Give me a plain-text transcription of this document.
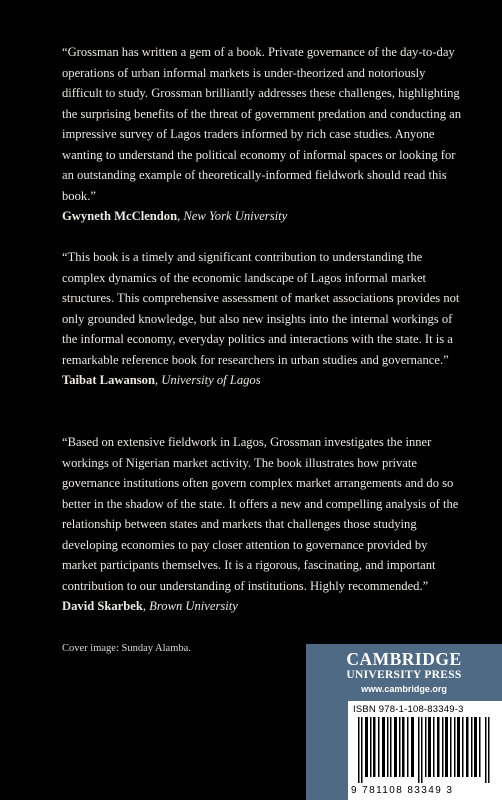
“Grossman has written a gem of a book. Private governance of the day-to-day operations of urban informal markets is under-theorized and notoriously difficult to study. Grossman brilliantly addresses these challenges, highlighting the surprising benefits of the threat of government predation and conducting an impressive survey of Lagos traders informed by rich case studies. Anyone wanting to understand the political economy of informal spaces or looking for an outstanding example of theoretically-informed fieldwork should read this book.”

Gwyneth McClendon, New York University

“This book is a timely and significant contribution to understanding the complex dynamics of the economic landscape of Lagos informal market structures. This comprehensive assessment of market associations provides not only grounded knowledge, but also new insights into the internal workings of the informal economy, everyday politics and interactions with the state. It is a remarkable reference book for researchers in urban studies and governance.”

Taibat Lawanson, University of Lagos

“Based on extensive fieldwork in Lagos, Grossman investigates the inner workings of Nigerian market activity. The book illustrates how private governance institutions often govern complex market arrangements and do so better in the shadow of the state. It offers a new and compelling analysis of the relationship between states and markets that challenges those studying developing economies to pay closer attention to governance provided by market participants themselves. It is a rigorous, fascinating, and important contribution to our understanding of institutions. Highly recommended.”

David Skarbek, Brown University

Cover image: Sunday Alamba.
CAMBRIDGE
UNIVERSITY PRESS
www.cambridge.org
ISBN 978-1-108-83349-3
9 781108 83349 3
